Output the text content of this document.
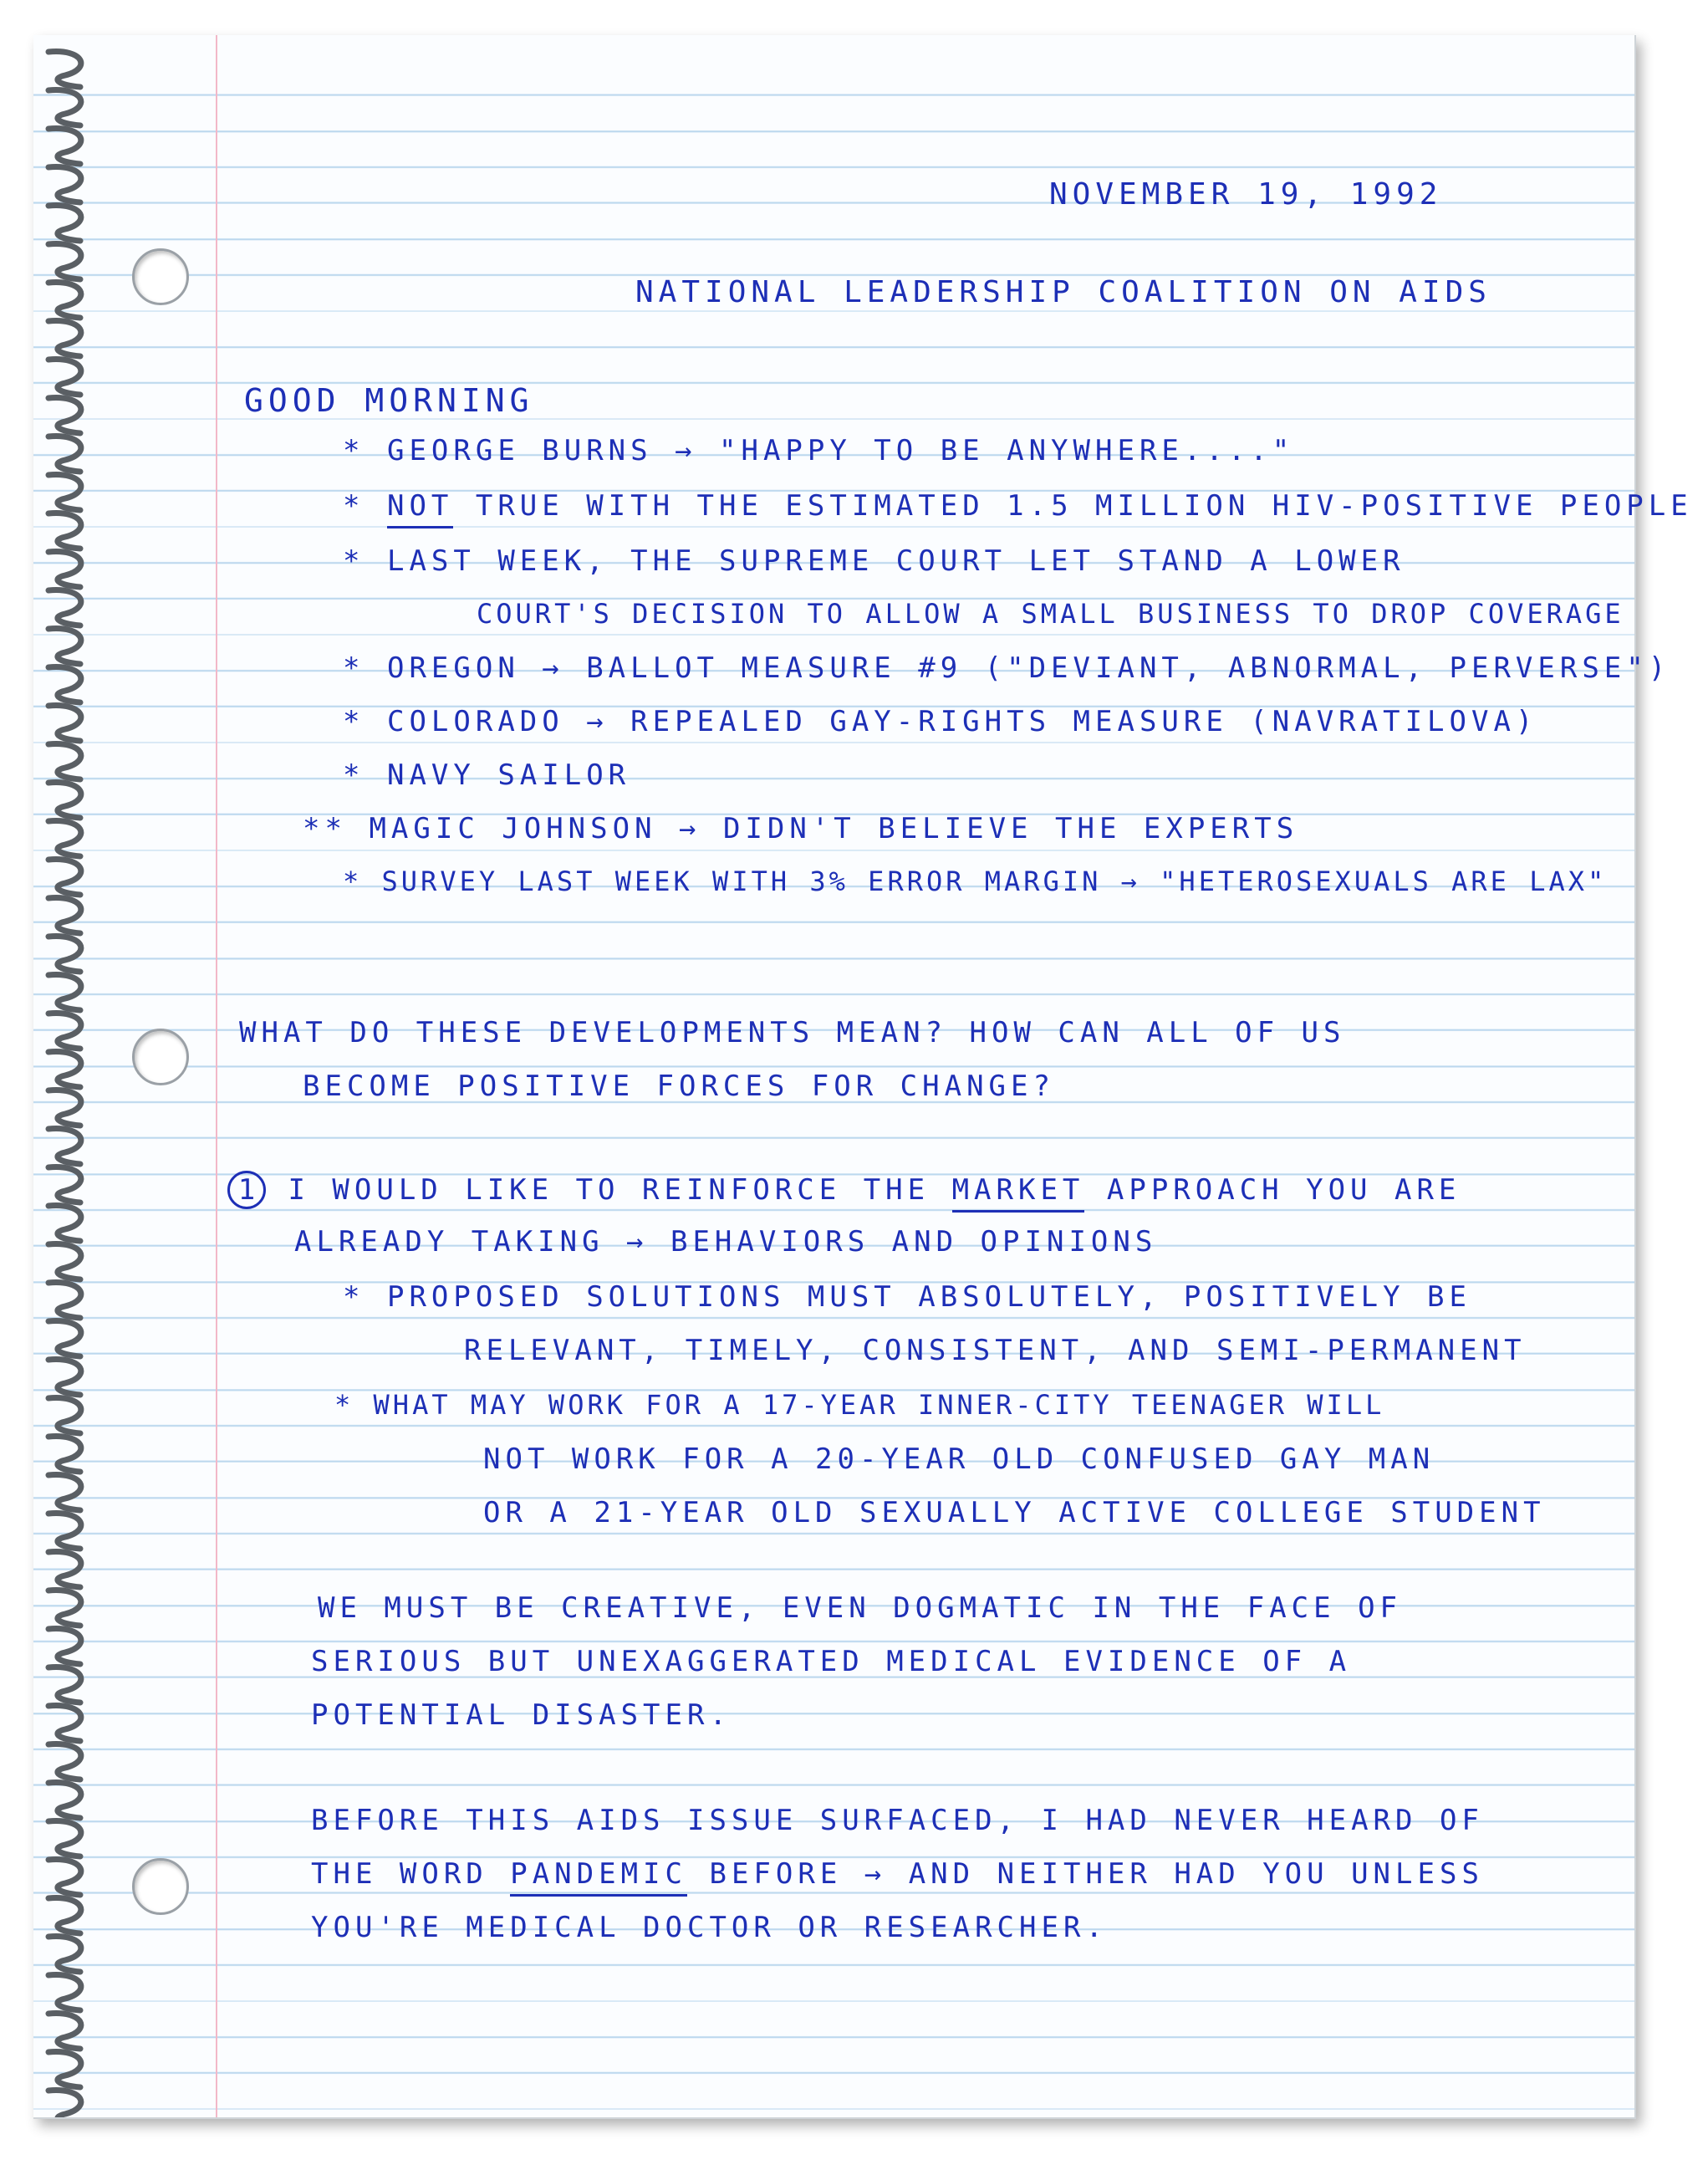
NOVEMBER 19, 1992
NATIONAL LEADERSHIP COALITION ON AIDS
GOOD MORNING
* GEORGE BURNS → "HAPPY TO BE ANYWHERE...."
* NOT TRUE WITH THE ESTIMATED 1.5 MILLION HIV-POSITIVE PEOPLE
* LAST WEEK, THE SUPREME COURT LET STAND A LOWER
COURT'S DECISION TO ALLOW A SMALL BUSINESS TO DROP COVERAGE
* OREGON → BALLOT MEASURE #9 ("DEVIANT, ABNORMAL, PERVERSE")
* COLORADO → REPEALED GAY-RIGHTS MEASURE (NAVRATILOVA)
* NAVY SAILOR
** MAGIC JOHNSON → DIDN'T BELIEVE THE EXPERTS
* SURVEY LAST WEEK WITH 3% ERROR MARGIN → "HETEROSEXUALS ARE LAX"
WHAT DO THESE DEVELOPMENTS MEAN? HOW CAN ALL OF US
BECOME POSITIVE FORCES FOR CHANGE?
1 I WOULD LIKE TO REINFORCE THE MARKET APPROACH YOU ARE
ALREADY TAKING → BEHAVIORS AND OPINIONS
* PROPOSED SOLUTIONS MUST ABSOLUTELY, POSITIVELY BE
RELEVANT, TIMELY, CONSISTENT, AND SEMI-PERMANENT
* WHAT MAY WORK FOR A 17-YEAR INNER-CITY TEENAGER WILL
NOT WORK FOR A 20-YEAR OLD CONFUSED GAY MAN
OR A 21-YEAR OLD SEXUALLY ACTIVE COLLEGE STUDENT
WE MUST BE CREATIVE, EVEN DOGMATIC IN THE FACE OF
SERIOUS BUT UNEXAGGERATED MEDICAL EVIDENCE OF A
POTENTIAL DISASTER.
BEFORE THIS AIDS ISSUE SURFACED, I HAD NEVER HEARD OF
THE WORD PANDEMIC BEFORE → AND NEITHER HAD YOU UNLESS
YOU'RE MEDICAL DOCTOR OR RESEARCHER.
